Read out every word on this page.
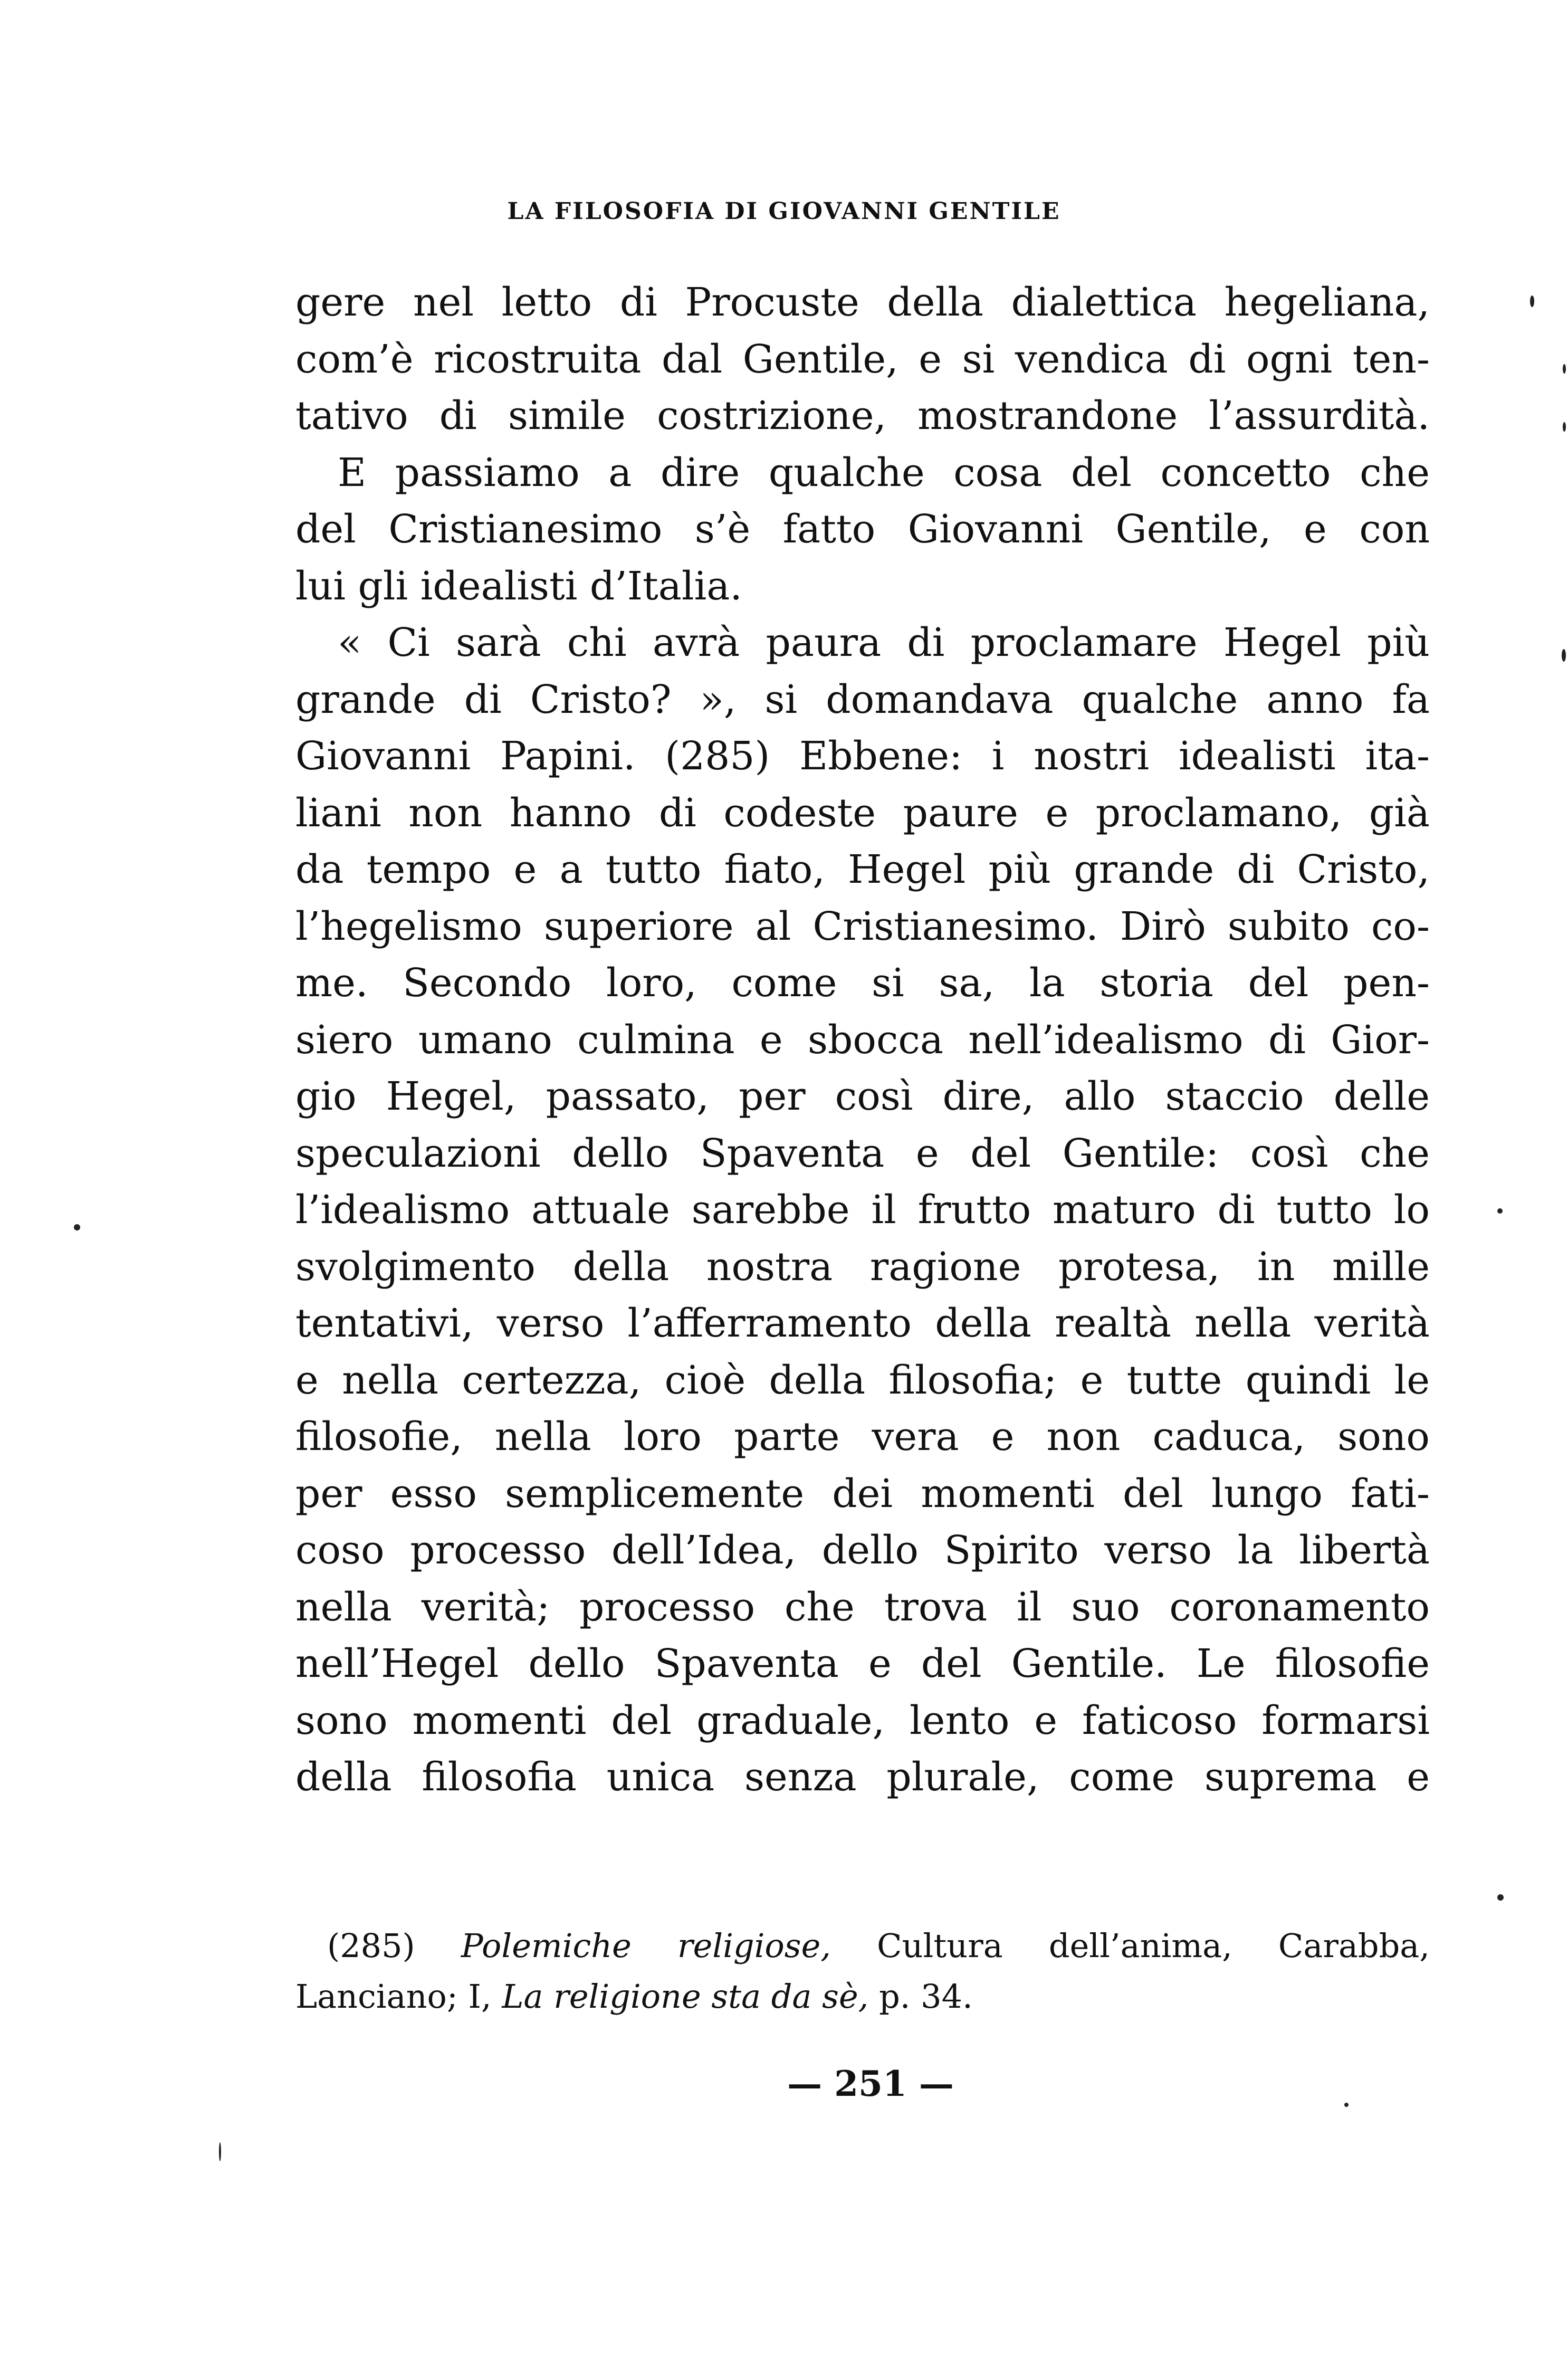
LA FILOSOFIA DI GIOVANNI GENTILE
gere nel letto di Procuste della dialettica hegeliana,
com’è ricostruita dal Gentile, e si vendica di ogni ten-
tativo di simile costrizione, mostrandone l’assurdità.
E passiamo a dire qualche cosa del concetto che
del Cristianesimo s’è fatto Giovanni Gentile, e con
lui gli idealisti d’Italia.
« Ci sarà chi avrà paura di proclamare Hegel più
grande di Cristo? », si domandava qualche anno fa
Giovanni Papini. (285) Ebbene: i nostri idealisti ita-
liani non hanno di codeste paure e proclamano, già
da tempo e a tutto fiato, Hegel più grande di Cristo,
l’hegelismo superiore al Cristianesimo. Dirò subito co-
me. Secondo loro, come si sa, la storia del pen-
siero umano culmina e sbocca nell’idealismo di Gior-
gio Hegel, passato, per così dire, allo staccio delle
speculazioni dello Spaventa e del Gentile: così che
l’idealismo attuale sarebbe il frutto maturo di tutto lo
svolgimento della nostra ragione protesa, in mille
tentativi, verso l’afferramento della realtà nella verità
e nella certezza, cioè della filosofia; e tutte quindi le
filosofie, nella loro parte vera e non caduca, sono
per esso semplicemente dei momenti del lungo fati-
coso processo dell’Idea, dello Spirito verso la libertà
nella verità; processo che trova il suo coronamento
nell’Hegel dello Spaventa e del Gentile. Le filosofie
sono momenti del graduale, lento e faticoso formarsi
della filosofia unica senza plurale, come suprema e
(285) Polemiche religiose, Cultura dell’anima, Carabba,
Lanciano; I, La religione sta da sè, p. 34.
— 251 —
